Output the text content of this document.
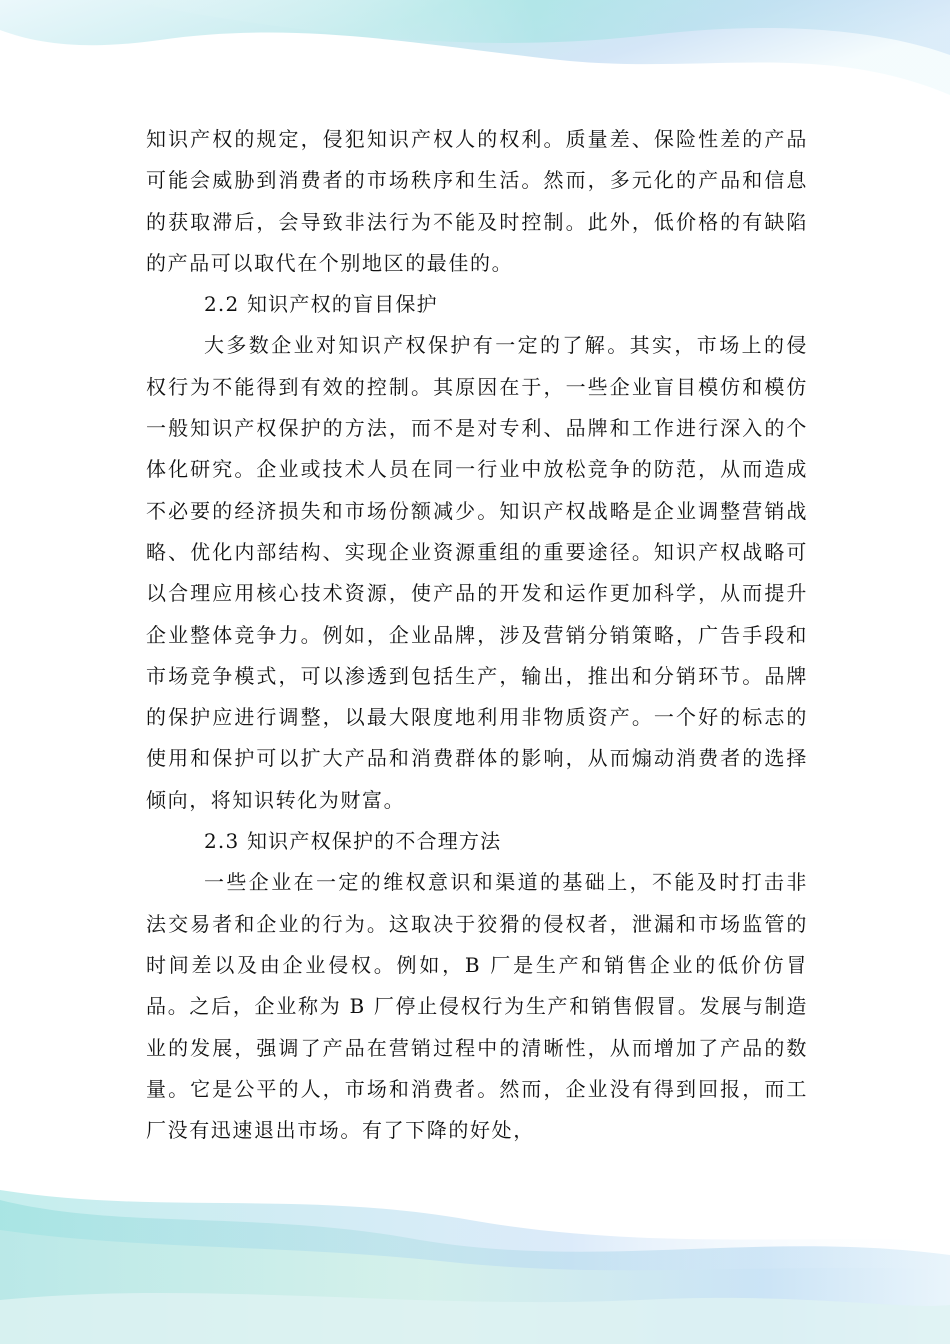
知识产权的规定，侵犯知识产权人的权利。质量差、保险性差的产品可能会威胁到消费者的市场秩序和生活。然而，多元化的产品和信息的获取滞后，会导致非法行为不能及时控制。此外，低价格的有缺陷的产品可以取代在个别地区的最佳的。

2.2 知识产权的盲目保护

大多数企业对知识产权保护有一定的了解。其实，市场上的侵权行为不能得到有效的控制。其原因在于，一些企业盲目模仿和模仿一般知识产权保护的方法，而不是对专利、品牌和工作进行深入的个体化研究。企业或技术人员在同一行业中放松竞争的防范，从而造成不必要的经济损失和市场份额减少。知识产权战略是企业调整营销战略、优化内部结构、实现企业资源重组的重要途径。知识产权战略可以合理应用核心技术资源，使产品的开发和运作更加科学，从而提升企业整体竞争力。例如，企业品牌，涉及营销分销策略，广告手段和市场竞争模式，可以渗透到包括生产，输出，推出和分销环节。品牌的保护应进行调整，以最大限度地利用非物质资产。一个好的标志的使用和保护可以扩大产品和消费群体的影响，从而煽动消费者的选择倾向，将知识转化为财富。

2.3 知识产权保护的不合理方法

一些企业在一定的维权意识和渠道的基础上，不能及时打击非法交易者和企业的行为。这取决于狡猾的侵权者，泄漏和市场监管的时间差以及由企业侵权。例如，B 厂是生产和销售企业的低价仿冒品。之后，企业称为 B 厂停止侵权行为生产和销售假冒。发展与制造业的发展，强调了产品在营销过程中的清晰性，从而增加了产品的数量。它是公平的人，市场和消费者。然而，企业没有得到回报，而工厂没有迅速退出市场。有了下降的好处，
